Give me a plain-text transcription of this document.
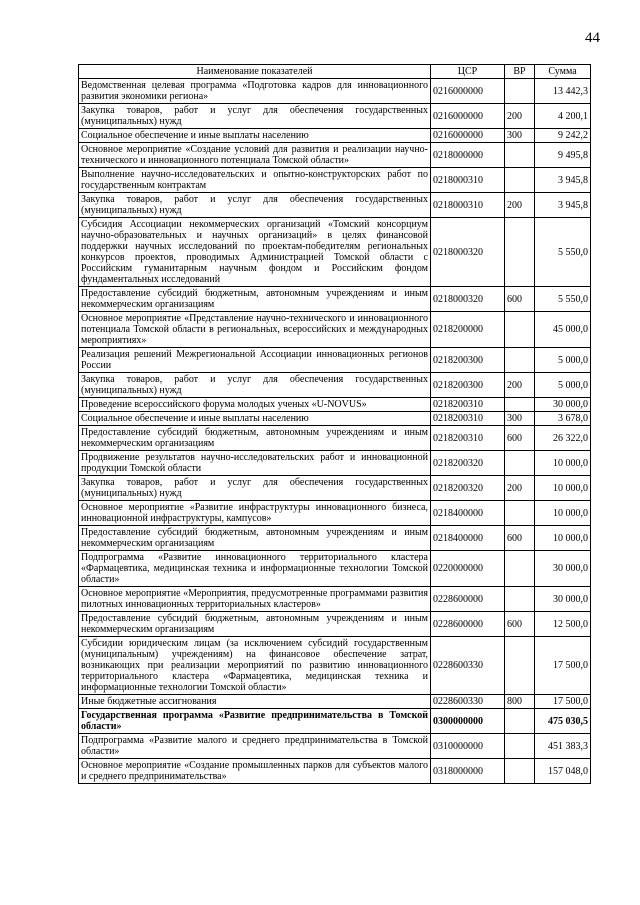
44
Наименование показателей	ЦСР	ВР	Сумма
Ведомственная целевая программа «Подготовка кадров для инновационного развития экономики региона»	0216000000		13 442,3
Закупка товаров, работ и услуг для обеспечения государственных (муниципальных) нужд	0216000000	200	4 200,1
Социальное обеспечение и иные выплаты населению	0216000000	300	9 242,2
Основное мероприятие «Создание условий для развития и реализации научно-технического и инновационного потенциала Томской области»	0218000000		9 495,8
Выполнение научно-исследовательских и опытно-конструкторских работ по государственным контрактам	0218000310		3 945,8
Закупка товаров, работ и услуг для обеспечения государственных (муниципальных) нужд	0218000310	200	3 945,8
Субсидия Ассоциации некоммерческих организаций «Томский консорциум научно-образовательных и научных организаций» в целях финансовой поддержки научных исследований по проектам-победителям региональных конкурсов проектов, проводимых Администрацией Томской области с Российским гуманитарным научным фондом и Российским фондом фундаментальных исследований	0218000320		5 550,0
Предоставление субсидий бюджетным, автономным учреждениям и иным некоммерческим организациям	0218000320	600	5 550,0
Основное мероприятие «Представление научно-технического и инновационного потенциала Томской области в региональных, всероссийских и международных мероприятиях»	0218200000		45 000,0
Реализация решений Межрегиональной Ассоциации инновационных регионов России	0218200300		5 000,0
Закупка товаров, работ и услуг для обеспечения государственных (муниципальных) нужд	0218200300	200	5 000,0
Проведение всероссийского форума молодых ученых «U-NOVUS»	0218200310		30 000,0
Социальное обеспечение и иные выплаты населению	0218200310	300	3 678,0
Предоставление субсидий бюджетным, автономным учреждениям и иным некоммерческим организациям	0218200310	600	26 322,0
Продвижение результатов научно-исследовательских работ и инновационной продукции Томской области	0218200320		10 000,0
Закупка товаров, работ и услуг для обеспечения государственных (муниципальных) нужд	0218200320	200	10 000,0
Основное мероприятие «Развитие инфраструктуры инновационного бизнеса, инновационной инфраструктуры, кампусов»	0218400000		10 000,0
Предоставление субсидий бюджетным, автономным учреждениям и иным некоммерческим организациям	0218400000	600	10 000,0
Подпрограмма «Развитие инновационного территориального кластера «Фармацевтика, медицинская техника и информационные технологии Томской области»	0220000000		30 000,0
Основное мероприятие «Мероприятия, предусмотренные программами развития пилотных инновационных территориальных кластеров»	0228600000		30 000,0
Предоставление субсидий бюджетным, автономным учреждениям и иным некоммерческим организациям	0228600000	600	12 500,0
Субсидии юридическим лицам (за исключением субсидий государственным (муниципальным) учреждениям) на финансовое обеспечение затрат, возникающих при реализации мероприятий по развитию инновационного территориального кластера «Фармацевтика, медицинская техника и информационные технологии Томской области»	0228600330		17 500,0
Иные бюджетные ассигнования	0228600330	800	17 500,0
Государственная программа «Развитие предпринимательства в Томской области»	0300000000		475 030,5
Подпрограмма «Развитие малого и среднего предпринимательства в Томской области»	0310000000		451 383,3
Основное мероприятие «Создание промышленных парков для субъектов малого и среднего предпринимательства»	0318000000		157 048,0
